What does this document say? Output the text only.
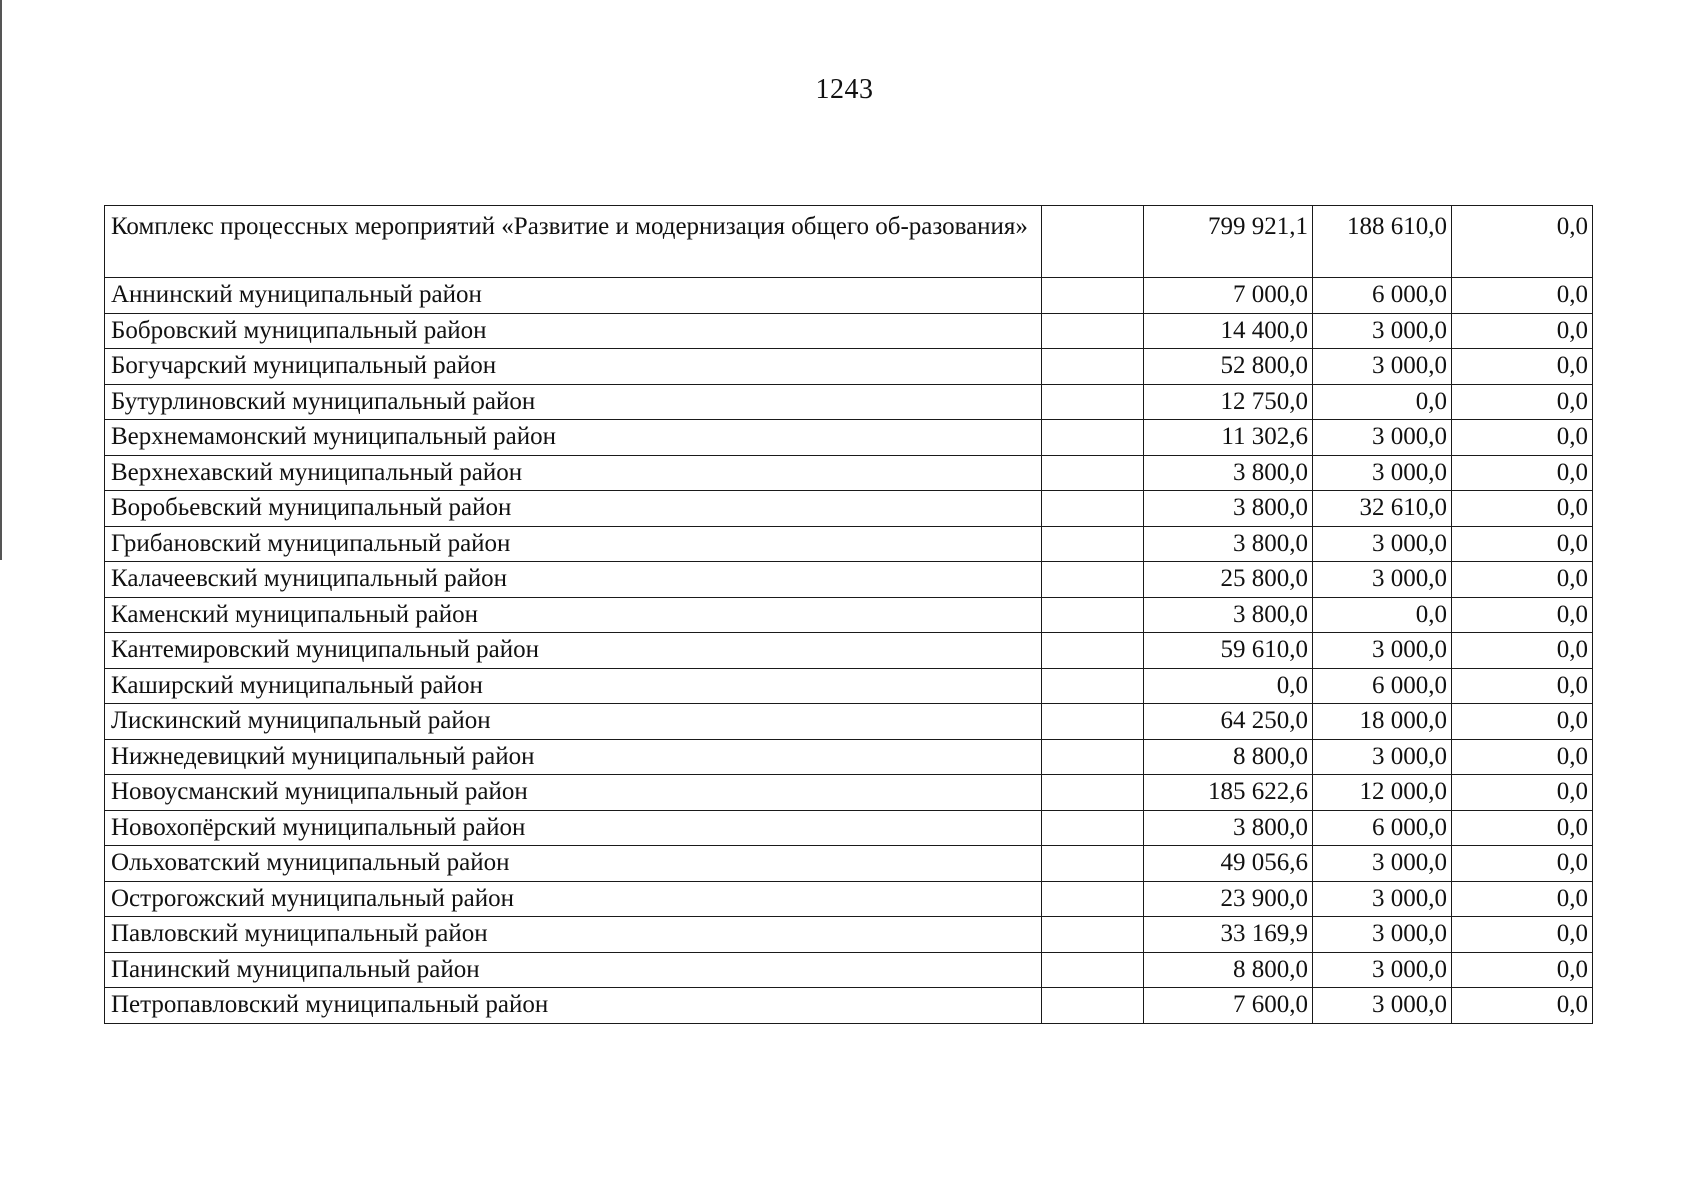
1243
Комплекс процессных мероприятий «Развитие и модернизация общего об-разования»		799 921,1	188 610,0	0,0
Аннинский муниципальный район		7 000,0	6 000,0	0,0
Бобровский муниципальный район		14 400,0	3 000,0	0,0
Богучарский муниципальный район		52 800,0	3 000,0	0,0
Бутурлиновский муниципальный район		12 750,0	0,0	0,0
Верхнемамонский муниципальный район		11 302,6	3 000,0	0,0
Верхнехавский муниципальный район		3 800,0	3 000,0	0,0
Воробьевский муниципальный район		3 800,0	32 610,0	0,0
Грибановский муниципальный район		3 800,0	3 000,0	0,0
Калачеевский муниципальный район		25 800,0	3 000,0	0,0
Каменский муниципальный район		3 800,0	0,0	0,0
Кантемировский муниципальный район		59 610,0	3 000,0	0,0
Каширский муниципальный район		0,0	6 000,0	0,0
Лискинский муниципальный район		64 250,0	18 000,0	0,0
Нижнедевицкий муниципальный район		8 800,0	3 000,0	0,0
Новоусманский муниципальный район		185 622,6	12 000,0	0,0
Новохопёрский муниципальный район		3 800,0	6 000,0	0,0
Ольховатский муниципальный район		49 056,6	3 000,0	0,0
Острогожский муниципальный район		23 900,0	3 000,0	0,0
Павловский муниципальный район		33 169,9	3 000,0	0,0
Панинский муниципальный район		8 800,0	3 000,0	0,0
Петропавловский муниципальный район		7 600,0	3 000,0	0,0
